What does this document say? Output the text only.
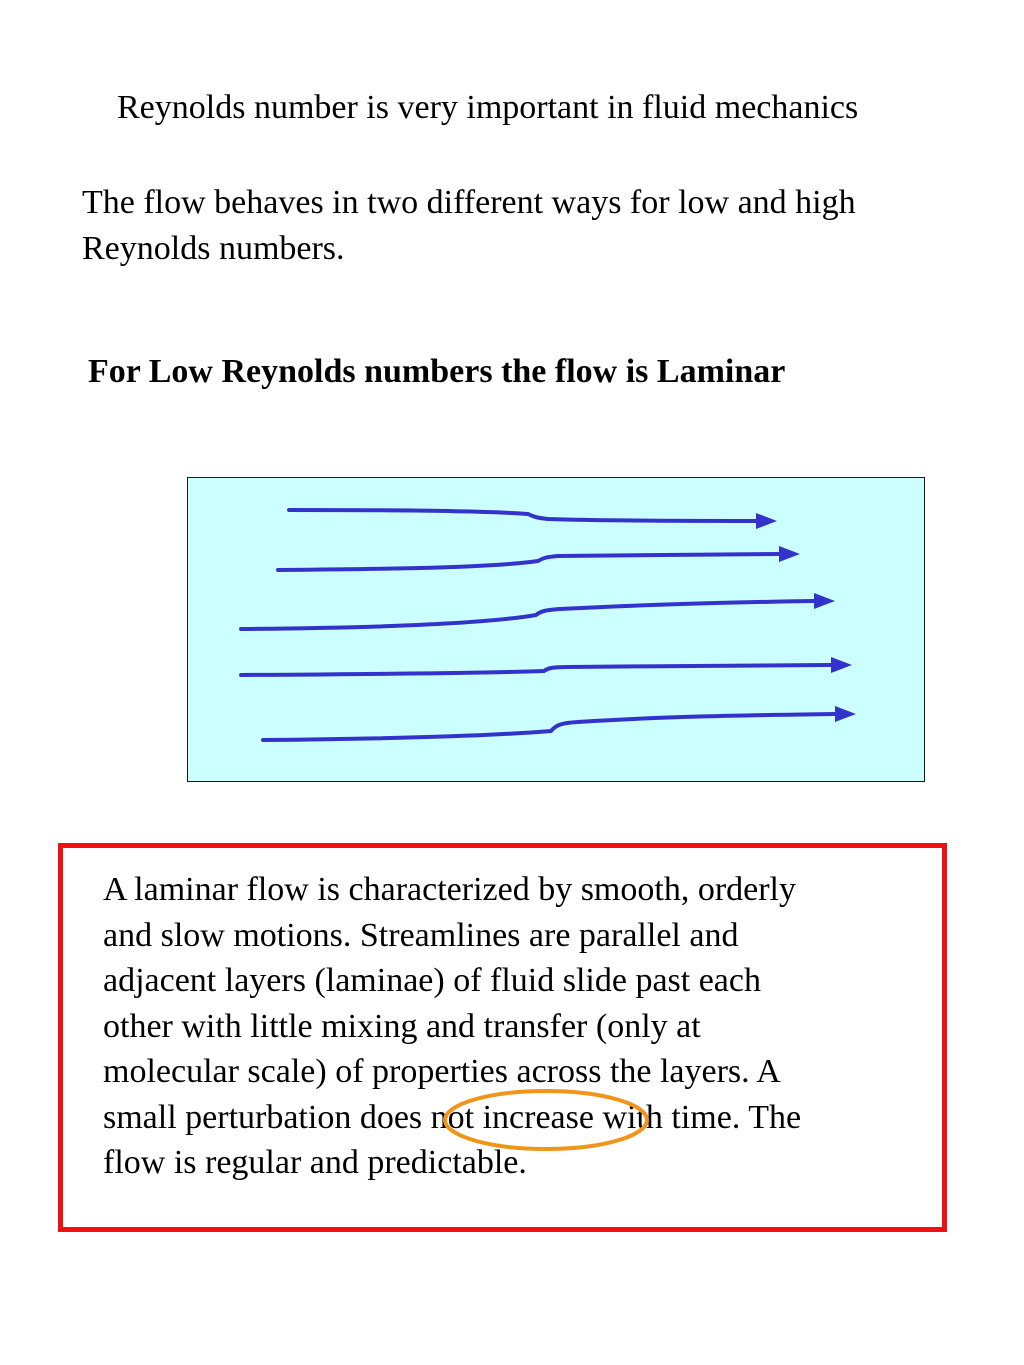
Reynolds number is very important in fluid mechanics

The flow behaves in two different ways for low and high
Reynolds numbers.

For Low Reynolds numbers the flow is Laminar

A laminar flow is characterized by smooth, orderly
and slow motions. Streamlines are parallel and
adjacent layers (laminae) of fluid slide past each
other with little mixing and transfer (only at
molecular scale) of properties across the layers. A
small perturbation does not increase with time. The
flow is regular and predictable.
